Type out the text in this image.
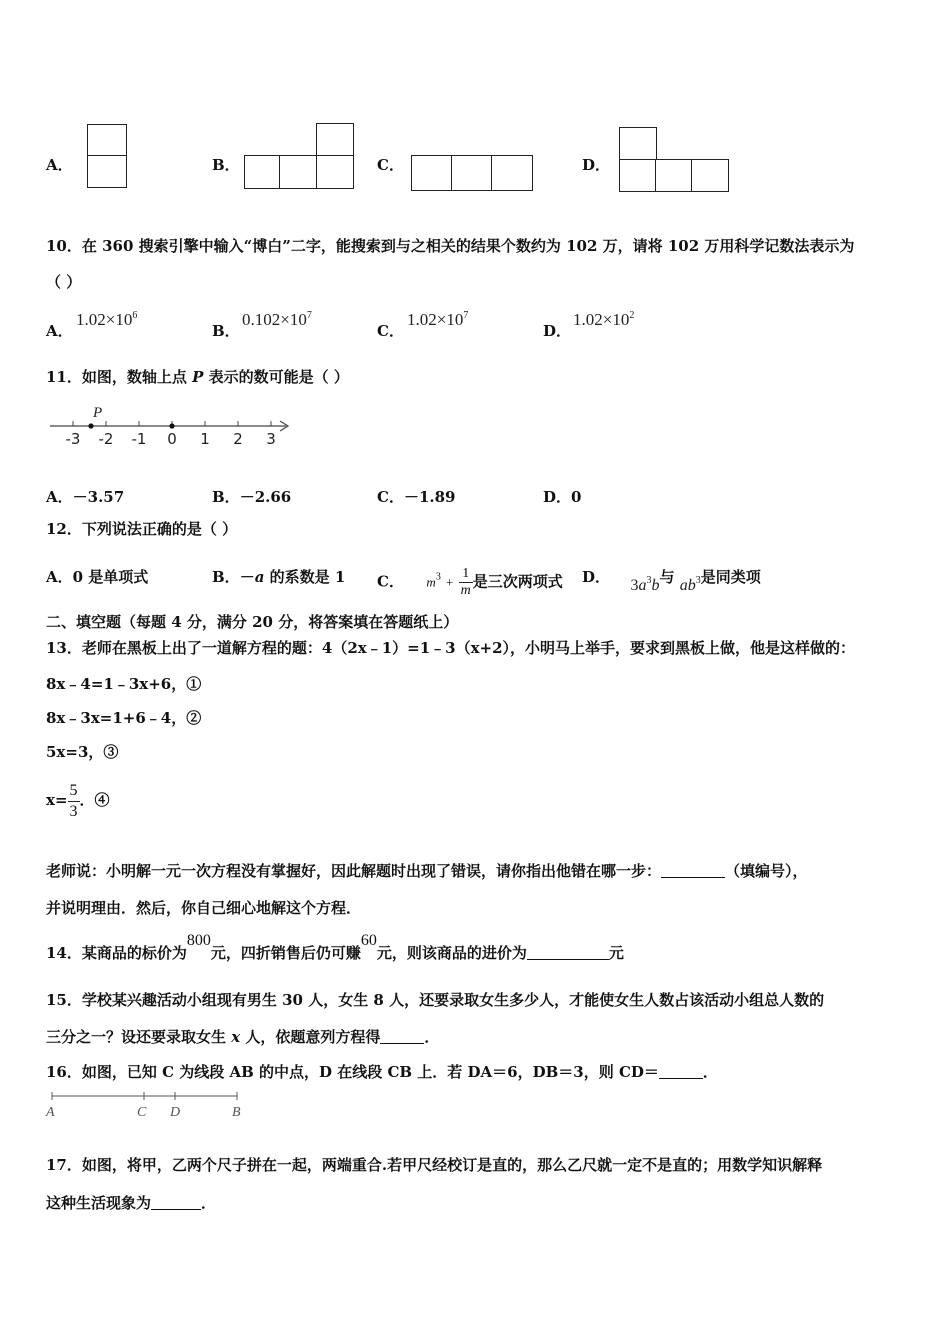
A．	B．	C．	D．
10．在 360 搜索引擎中输入“博白”二字，能搜索到与之相关的结果个数约为 102 万，请将 102 万用科学记数法表示为
（ ）
A．
$1.02\times 10^6$
B．
$0.102\times 10^7$
C．
$1.02\times 10^7$
D．
$1.02\times 10^2$
11．如图，数轴上点 P 表示的数可能是（ ）
-3 -2 -1 0 1 2 3
P
A．－3.57	B．－2.66	C．－1.89	D．0
12．下列说法正确的是（ ）
A．0 是单项式	B．－a 的系数是 1 C． $m^3 + \frac{1}{m}$ 是三次两项式 D． $3a^3b$与 $ab^3$是同类项
二、填空题（每题 4 分，满分 20 分，将答案填在答题纸上）
13．老师在黑板上出了一道解方程的题：4（2x﹣1）=1﹣3（x+2），小明马上举手，要求到黑板上做，他是这样做的：
8x﹣4=1﹣3x+6，①
8x﹣3x=1+6﹣4，②
5x=3，③
$x= \frac{5}{3}$ ．④
老师说：小明解一元一次方程没有掌握好，因此解题时出现了错误，请你指出他错在哪一步：	（填编号），
并说明理由．然后，你自己细心地解这个方程．
14．某商品的标价为800元，四折销售后仍可赚60元，则该商品的进价为	元
15．学校某兴趣活动小组现有男生 30 人，女生 8 人，还要录取女生多少人，才能使女生人数占该活动小组总人数的
三分之一？设还要录取女生 x 人，依题意列方程得	．
16．如图，已知 C 为线段 AB 的中点，D 在线段 CB 上．若 DA＝6，DB＝3，则 CD＝	．
A	C D	B
17．如图，将甲，乙两个尺子拼在一起，两端重合.若甲尺经校订是直的，那么乙尺就一定不是直的；用数学知识解释
这种生活现象为	．
